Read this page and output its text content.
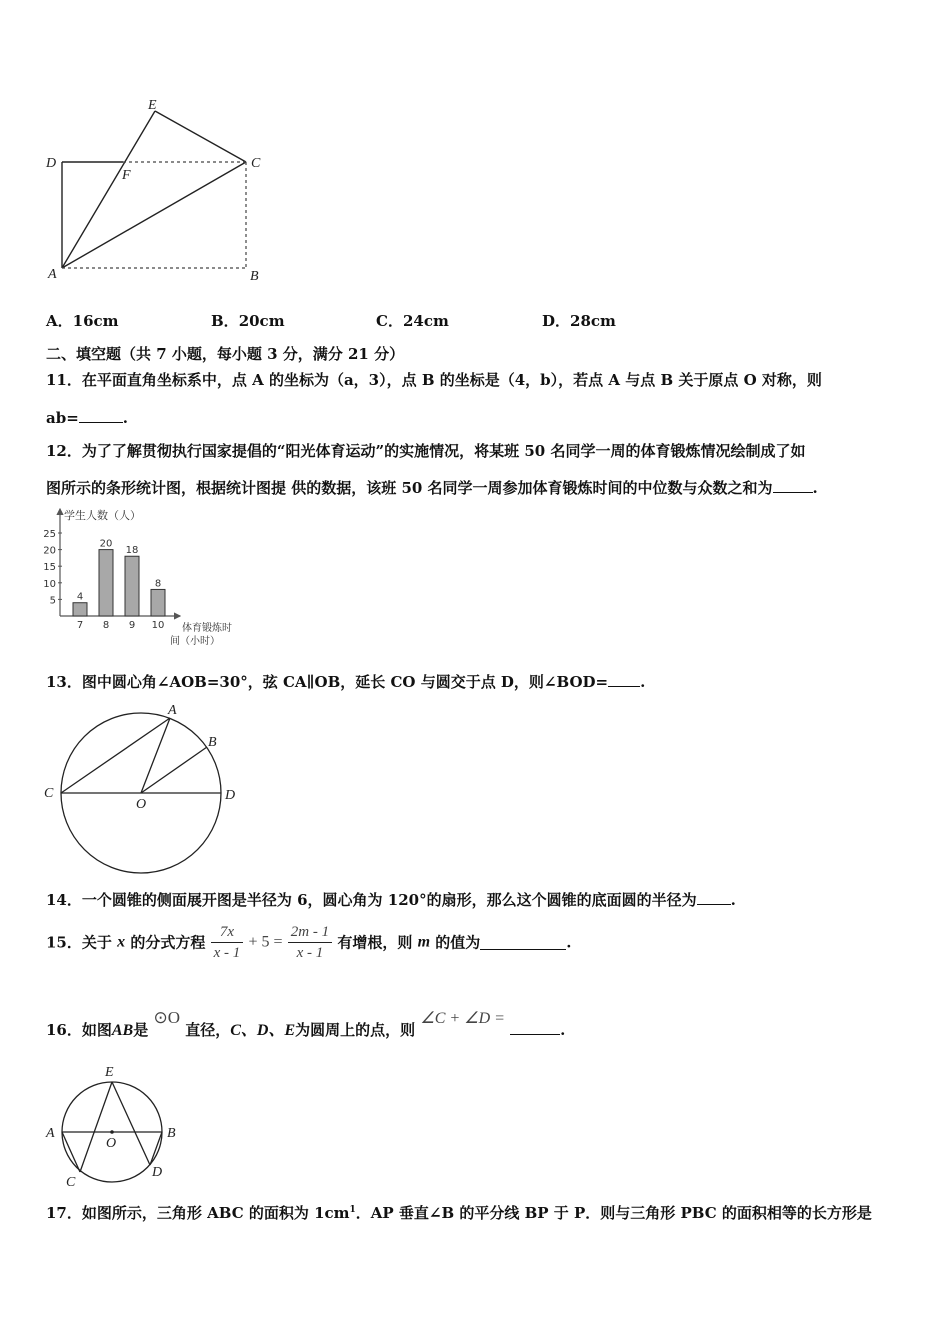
E
D	C
F
A	B
A．16cm	B．20cm	C．24cm	D．28cm
二、填空题（共 7 小题，每小题 3 分，满分 21 分）
11．在平面直角坐标系中，点 A 的坐标为（a，3），点 B 的坐标是（4，b），若点 A 与点 B 关于原点 O 对称，则
ab=	.
12．为了了解贯彻执行国家提倡的“阳光体育运动”的实施情况，将某班 50 名同学一周的体育锻炼情况绘制成了如
图所示的条形统计图，根据统计图提 供的数据，该班 50 名同学一周参加体育锻炼时间的中位数与众数之和为	.
学生人数（人）
体育锻炼时
间（小时）
5
10
15
20
25
4
7
20
8
18
9
8
10
13．图中圆心角∠AOB=30°，弦 CA∥OB，延长 CO 与圆交于点 D，则∠BOD= .
A
B
C
O
D
14．一个圆锥的侧面展开图是半径为 6，圆心角为 120°的扇形，那么这个圆锥的底面圆的半径为 .
15．关于 x 的分式方程 $\frac{7x}{x - 1} + 5 = \frac{2m - 1}{x - 1}$ 有增根，则 m 的值为	.
16．如图AB是 ⊙O 直径，C、D、E为圆周上的点，则 ∠C + ∠D = .
E
A
O
B
C
D
17．如图所示，三角形 ABC 的面积为 $1cm^1$．AP 垂直∠B 的平分线 BP 于 P．则与三角形 PBC 的面积相等的长方形是
